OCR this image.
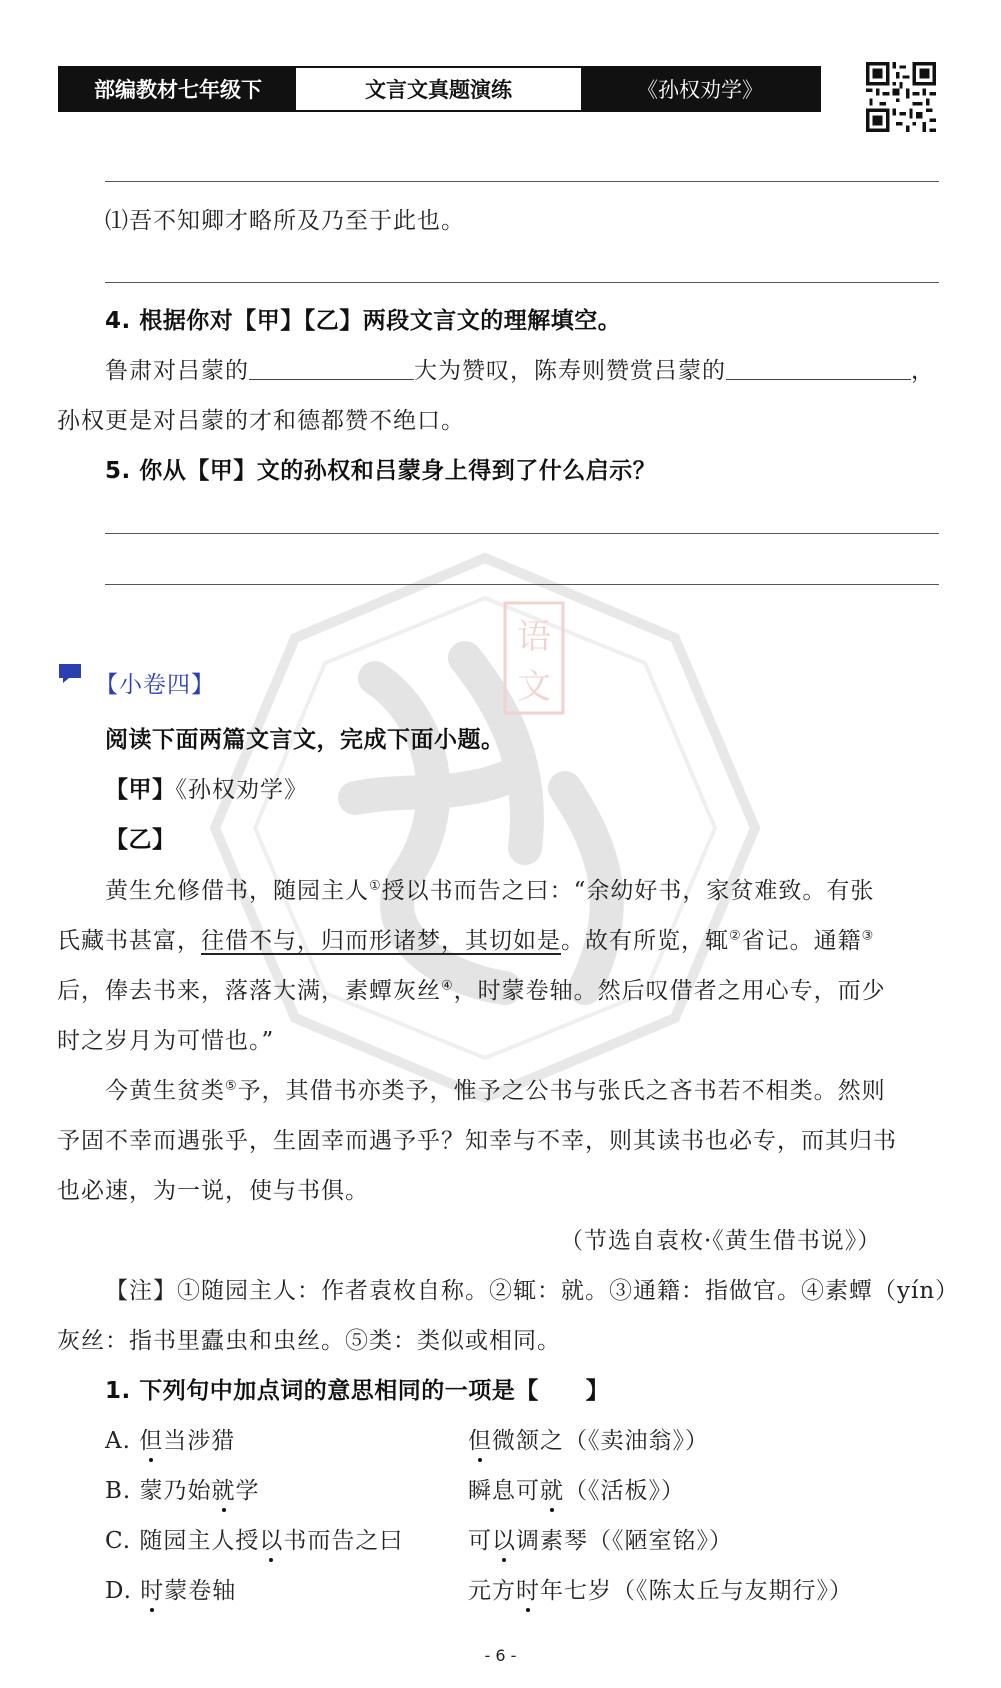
语
文
部编教材七年级下	文言文真题演练	《孙权劝学》
⑴吾不知卿才略所及乃至于此也。
4. 根据你对【甲】【乙】两段文言文的理解填空。
鲁肃对吕蒙的	大为赞叹，陈寿则赞赏吕蒙的	，
孙权更是对吕蒙的才和德都赞不绝口。
5. 你从【甲】文的孙权和吕蒙身上得到了什么启示？
【小卷四】
阅读下面两篇文言文，完成下面小题。
【甲】《孙权劝学》
【乙】
黄生允修借书，随园主人①授以书而告之曰：“余幼好书，家贫难致。有张
氏藏书甚富，往借不与，归而形诸梦，其切如是。故有所览，辄②省记。通籍③
后，俸去书来，落落大满，素蟫灰丝④，时蒙卷轴。然后叹借者之用心专，而少
时之岁月为可惜也。”
今黄生贫类⑤予，其借书亦类予，惟予之公书与张氏之吝书若不相类。然则
予固不幸而遇张乎，生固幸而遇予乎？知幸与不幸，则其读书也必专，而其归书
也必速，为一说，使与书俱。
（节选自袁枚·《黄生借书说》）
【注】①随园主人：作者袁枚自称。②辄：就。③通籍：指做官。④素蟫（yín）
灰丝：指书里蠹虫和虫丝。⑤类：类似或相同。
1. 下列句中加点词的意思相同的一项是【　　】
A. 但当涉猎	但微颔之（《卖油翁》）
B. 蒙乃始就学	瞬息可就（《活板》）
C. 随园主人授以书而告之曰	可以调素琴（《陋室铭》）
D. 时蒙卷轴	元方时年七岁（《陈太丘与友期行》）
- 6 -
